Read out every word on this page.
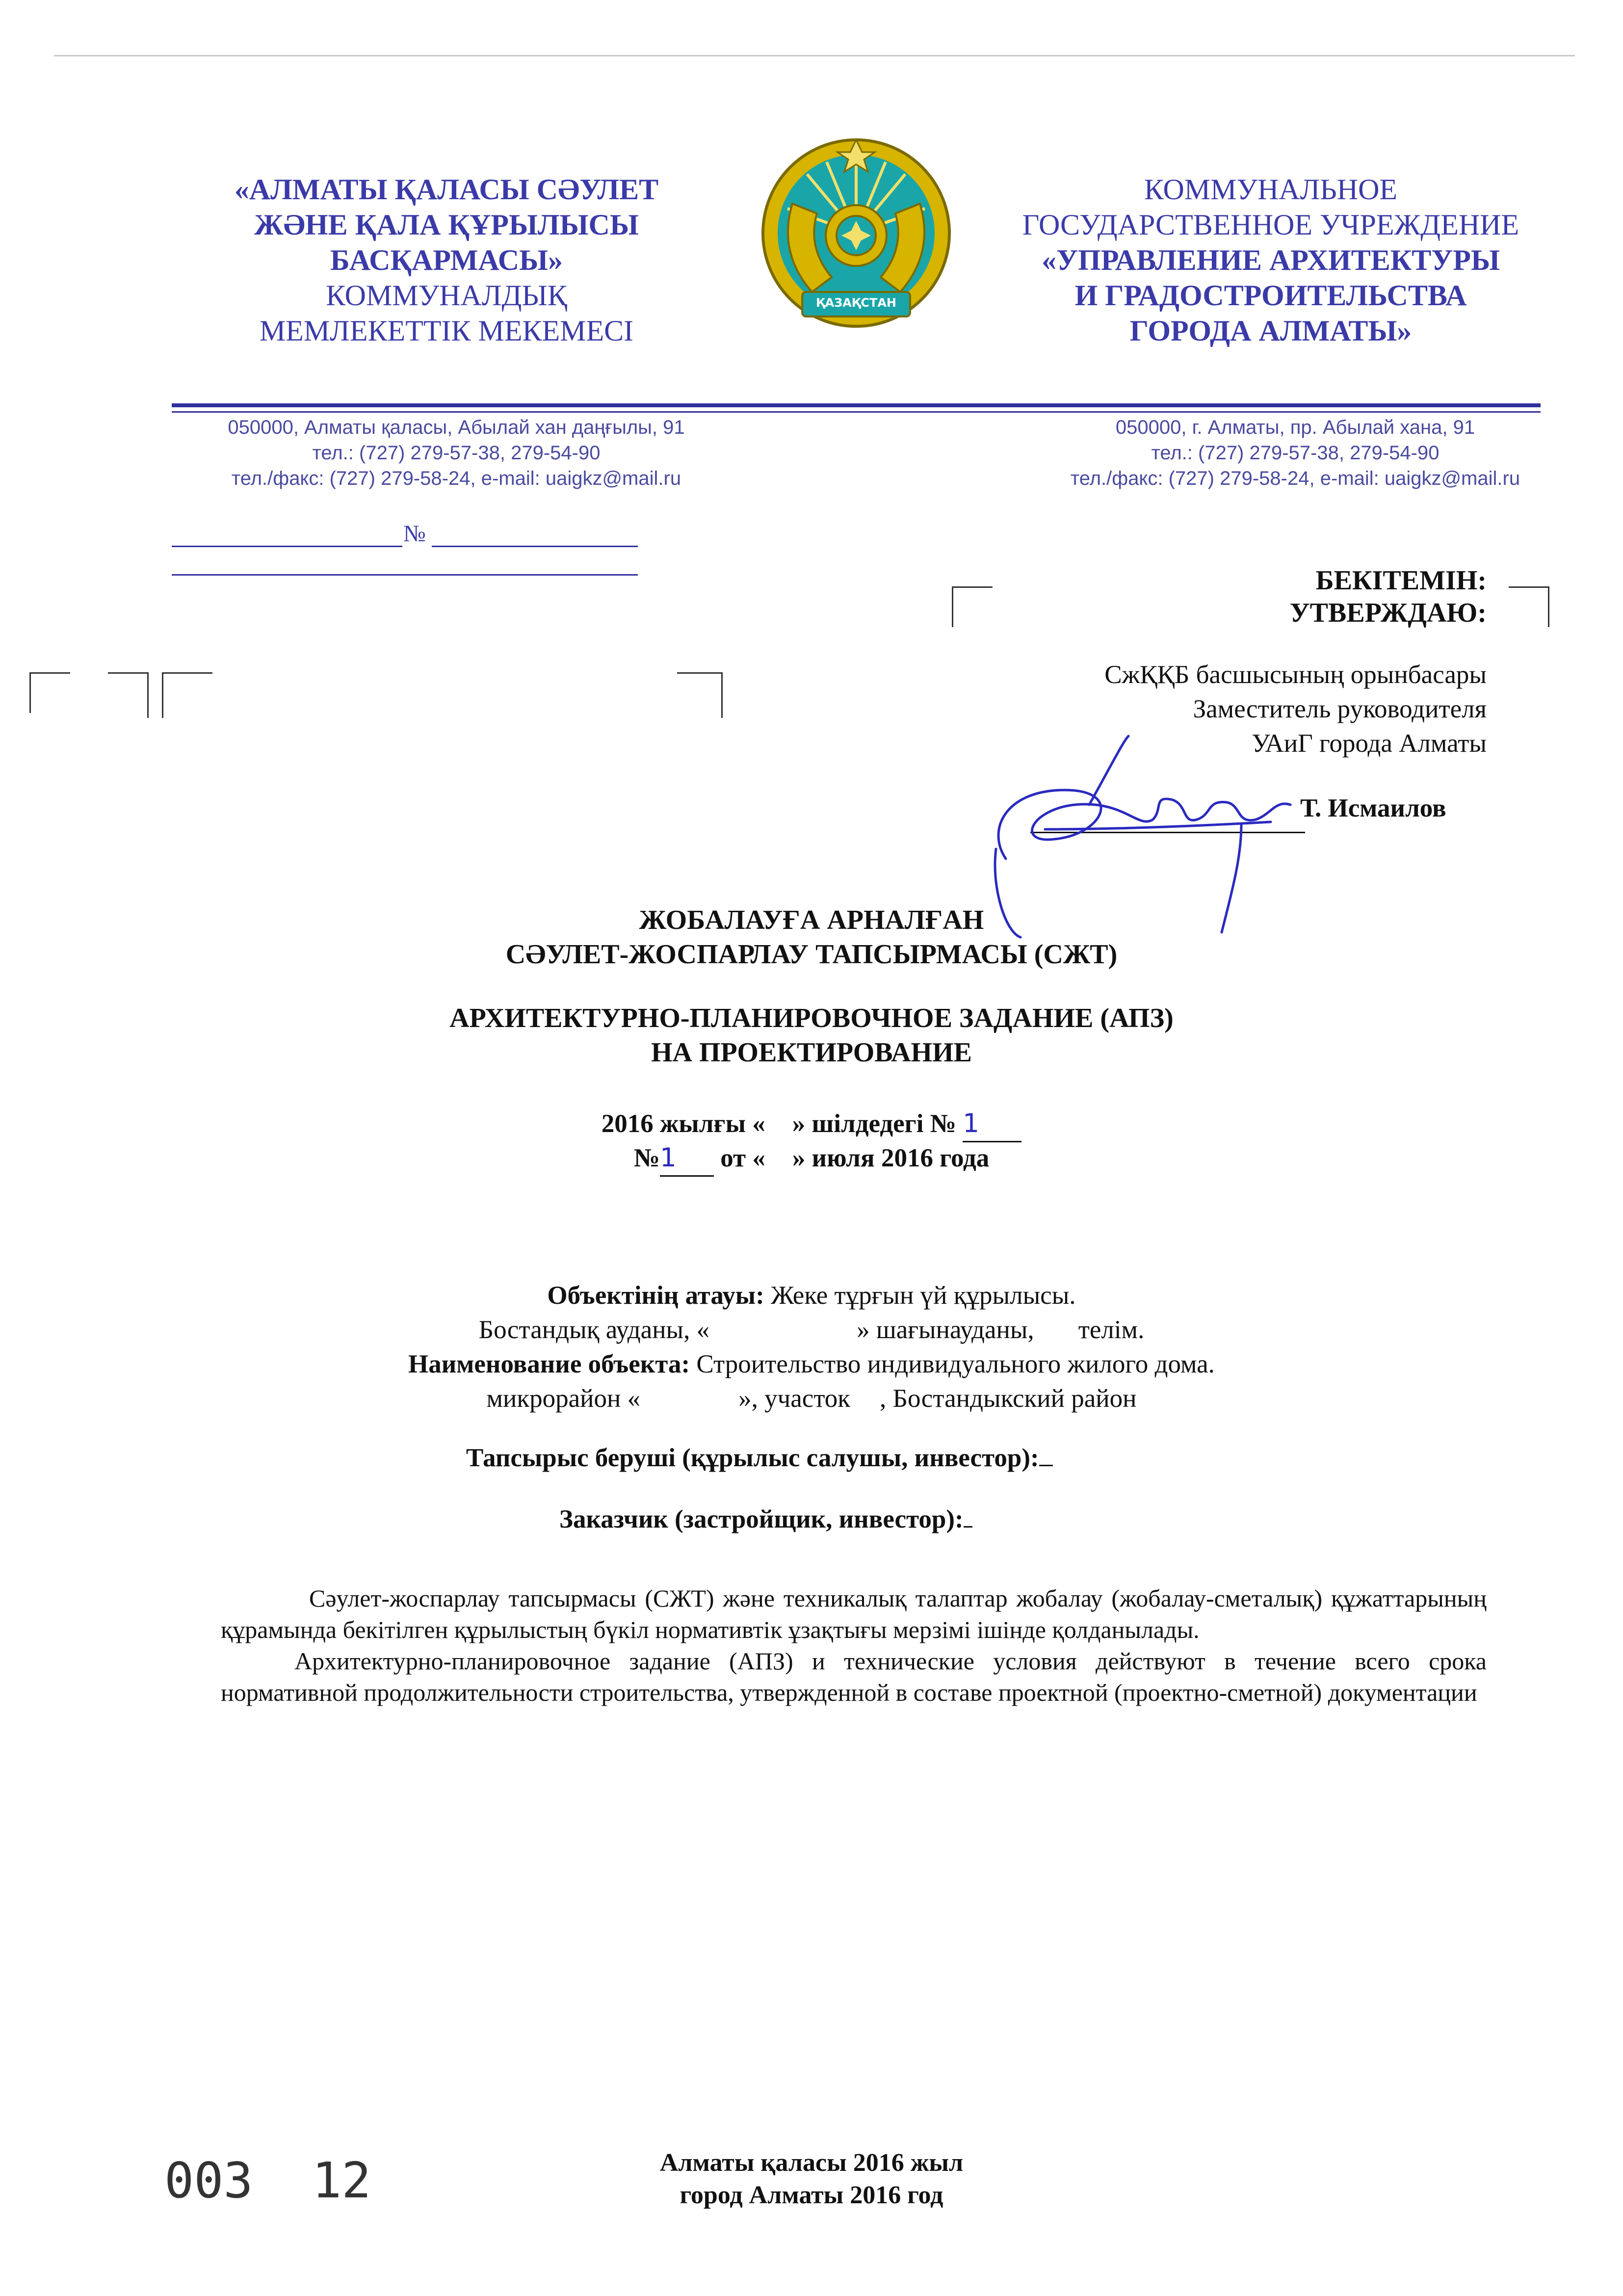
«АЛМАТЫ ҚАЛАСЫ СӘУЛЕТ
ЖӘНЕ ҚАЛА ҚҰРЫЛЫСЫ
БАСҚАРМАСЫ»
КОММУНАЛДЫҚ
МЕМЛЕКЕТТІК МЕКЕМЕСІ
ҚАЗАҚСТАН
КОММУНАЛЬНОЕ
ГОСУДАРСТВЕННОЕ УЧРЕЖДЕНИЕ
«УПРАВЛЕНИЕ АРХИТЕКТУРЫ
И ГРАДОСТРОИТЕЛЬСТВА
ГОРОДА АЛМАТЫ»
050000, Алматы қаласы, Абылай хан даңғылы, 91
тел.: (727) 279-57-38, 279-54-90
тел./факс: (727) 279-58-24, e-mail: uaigkz@mail.ru
050000, г. Алматы, пр. Абылай хана, 91
тел.: (727) 279-57-38, 279-54-90
тел./факс: (727) 279-58-24, e-mail: uaigkz@mail.ru
№
БЕКІТЕМІН:
УТВЕРЖДАЮ:
СжҚҚБ басшысының орынбасары
Заместитель руководителя
УАиГ города Алматы
Т. Исмаилов
ЖОБАЛАУҒА АРНАЛҒАН
СӘУЛЕТ-ЖОСПАРЛАУ ТАПСЫРМАСЫ (СЖТ)
АРХИТЕКТУРНО-ПЛАНИРОВОЧНОЕ ЗАДАНИЕ (АПЗ)
НА ПРОЕКТИРОВАНИЕ
2016 жылғы « » шілдедегі № 1
№1 от « » июля 2016 года
Объектінің атауы: Жеке тұрғын үй құрылысы.
Бостандық ауданы, «	» шағынауданы, телім.
Наименование объекта: Строительство индивидуального жилого дома.
микрорайон «	», участок , Бостандыкский район
Тапсырыс беруші (құрылыс салушы, инвестор):
Заказчик (застройщик, инвестор):
Сәулет-жоспарлау тапсырмасы (СЖТ) және техникалық талаптар жобалау (жобалау-сметалық) құжаттарының құрамында бекітілген құрылыстың бүкіл нормативтік ұзақтығы мерзімі ішінде қолданылады.
Архитектурно-планировочное задание (АПЗ) и технические условия действуют в течение всего срока нормативной продолжительности строительства, утвержденной в составе проектной (проектно-сметной) документации
003  12	Алматы қаласы 2016 жыл
город Алматы 2016 год
